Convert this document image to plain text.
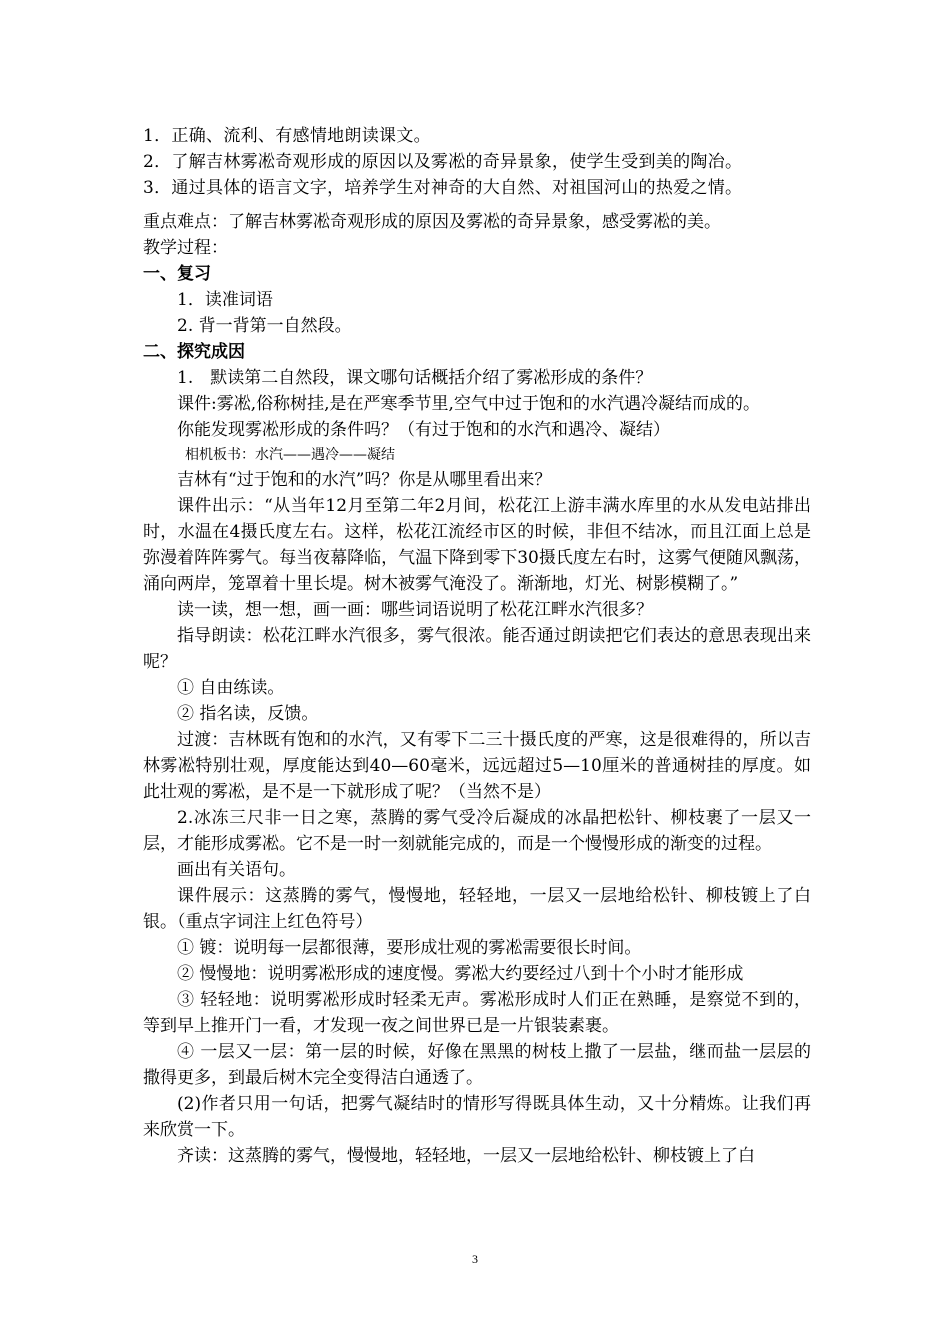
1．正确、流利、有感情地朗读课文。

2．了解吉林雾凇奇观形成的原因以及雾凇的奇异景象，使学生受到美的陶冶。

3．通过具体的语言文字，培养学生对神奇的大自然、对祖国河山的热爱之情。

重点难点：了解吉林雾凇奇观形成的原因及雾凇的奇异景象，感受雾凇的美。

教学过程：

一、复习

1．读准词语

2. 背一背第一自然段。

二、探究成因

1.　默读第二自然段，课文哪句话概括介绍了雾凇形成的条件？

课件:雾凇,俗称树挂,是在严寒季节里,空气中过于饱和的水汽遇冷凝结而成的。

你能发现雾凇形成的条件吗？（有过于饱和的水汽和遇冷、凝结）

相机板书：水汽——遇冷——凝结

吉林有“过于饱和的水汽”吗？你是从哪里看出来？

课件出示：“从当年12月至第二年2月间，松花江上游丰满水库里的水从发电站排出时，水温在4摄氏度左右。这样，松花江流经市区的时候，非但不结冰，而且江面上总是弥漫着阵阵雾气。每当夜幕降临，气温下降到零下30摄氏度左右时，这雾气便随风飘荡，涌向两岸，笼罩着十里长堤。树木被雾气淹没了。渐渐地，灯光、树影模糊了。”

读一读，想一想，画一画：哪些词语说明了松花江畔水汽很多？

指导朗读：松花江畔水汽很多，雾气很浓。能否通过朗读把它们表达的意思表现出来呢？

① 自由练读。

② 指名读，反馈。

过渡：吉林既有饱和的水汽，又有零下二三十摄氏度的严寒，这是很难得的，所以吉林雾凇特别壮观，厚度能达到40—60毫米，远远超过5—10厘米的普通树挂的厚度。如此壮观的雾凇，是不是一下就形成了呢？（当然不是）

2.冰冻三尺非一日之寒，蒸腾的雾气受冷后凝成的冰晶把松针、柳枝裹了一层又一层，才能形成雾凇。它不是一时一刻就能完成的，而是一个慢慢形成的渐变的过程。

画出有关语句。

课件展示：这蒸腾的雾气，慢慢地，轻轻地，一层又一层地给松针、柳枝镀上了白银。（重点字词注上红色符号）

① 镀：说明每一层都很薄，要形成壮观的雾凇需要很长时间。

② 慢慢地：说明雾凇形成的速度慢。雾凇大约要经过八到十个小时才能形成

③ 轻轻地：说明雾凇形成时轻柔无声。雾凇形成时人们正在熟睡，是察觉不到的，等到早上推开门一看，才发现一夜之间世界已是一片银装素裹。

④ 一层又一层：第一层的时候，好像在黑黑的树枝上撒了一层盐，继而盐一层层的撒得更多，到最后树木完全变得洁白通透了。

(2)作者只用一句话，把雾气凝结时的情形写得既具体生动，又十分精炼。让我们再来欣赏一下。

齐读：这蒸腾的雾气，慢慢地，轻轻地，一层又一层地给松针、柳枝镀上了白

3
